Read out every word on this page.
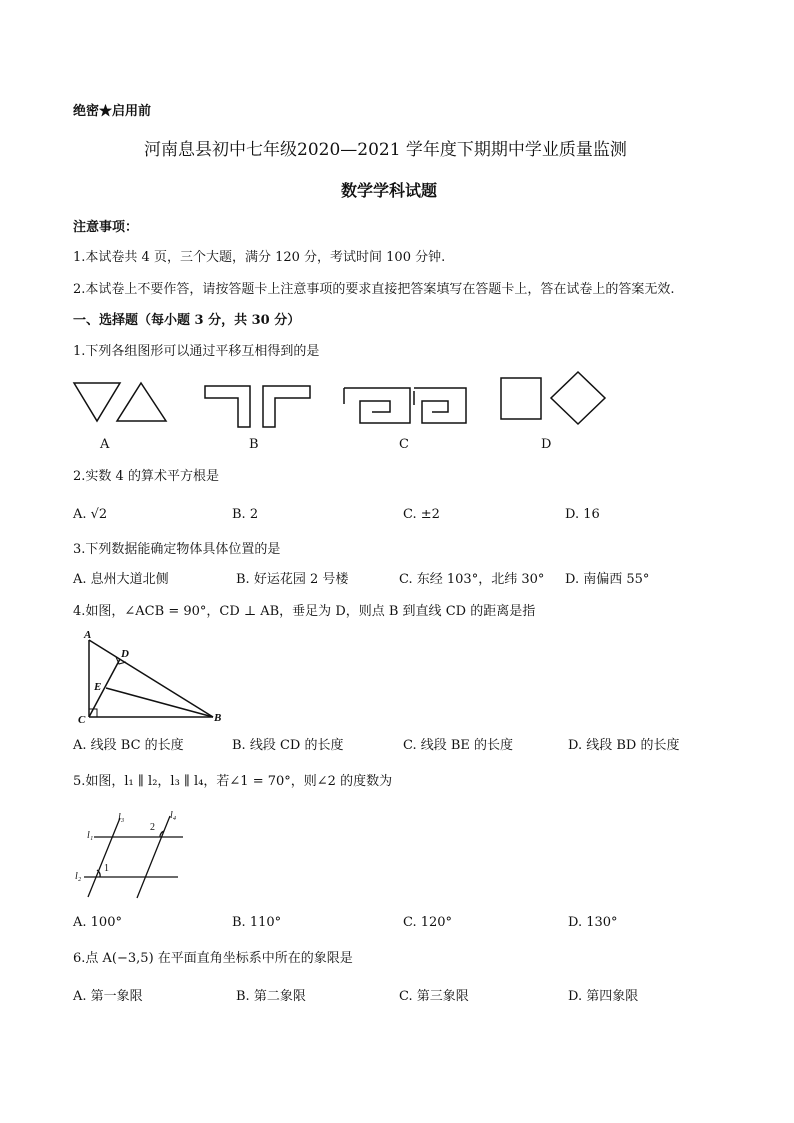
绝密★启用前
河南息县初中七年级2020—2021 学年度下期期中学业质量监测
数学学科试题
注意事项：
1.本试卷共 4 页，三个大题，满分 120 分，考试时间 100 分钟.
2.本试卷上不要作答，请按答题卡上注意事项的要求直接把答案填写在答题卡上，答在试卷上的答案无效.
一、选择题（每小题 3 分，共 30 分）
1.下列各组图形可以通过平移互相得到的是
A	B	C	D
2.实数 4 的算术平方根是
A. √2	B. 2	C. ±2	D. 16
3.下列数据能确定物体具体位置的是
A. 息州大道北侧	B. 好运花园 2 号楼	C. 东经 103°，北纬 30° D. 南偏西 55°
4.如图，∠ACB = 90°，CD ⊥ AB，垂足为 D，则点 B 到直线 CD 的距离是指
A
D
E
C	B
A. 线段 BC 的长度	B. 线段 CD 的长度	C. 线段 BE 的长度	D. 线段 BD 的长度
5.如图，l₁ ∥ l₂，l₃ ∥ l₄，若∠1 = 70°，则∠2 的度数为
l₃	l₄
2
l₁
1
l₂
A. 100°	B. 110°	C. 120°	D. 130°
6.点 A(−3,5) 在平面直角坐标系中所在的象限是
A. 第一象限	B. 第二象限	C. 第三象限	D. 第四象限
